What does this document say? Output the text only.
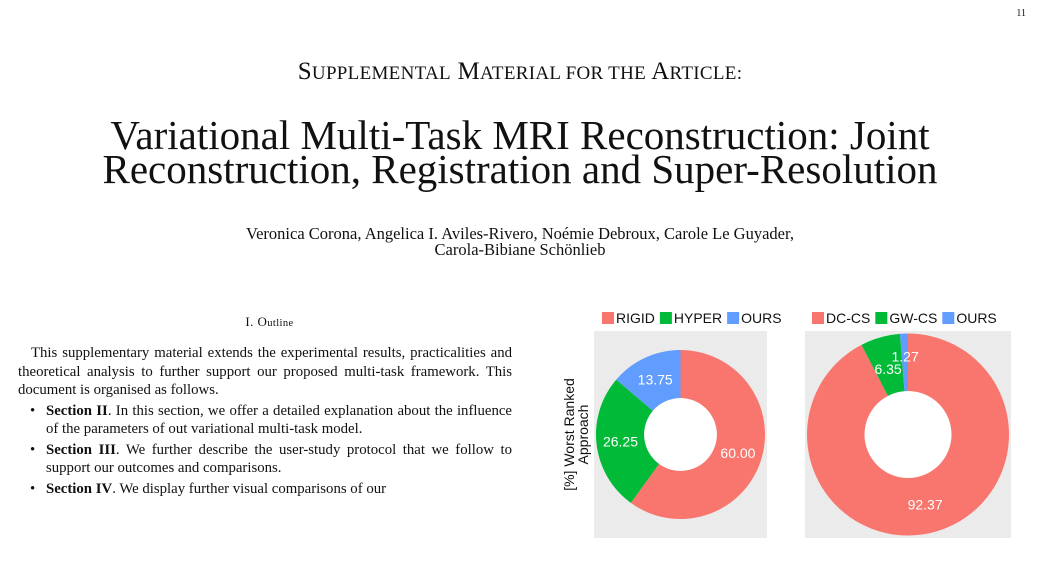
11
SUPPLEMENTAL MATERIAL FOR THE ARTICLE:
Variational Multi-Task MRI Reconstruction: Joint
Reconstruction, Registration and Super-Resolution
Veronica Corona, Angelica I. Aviles-Rivero, Noémie Debroux, Carole Le Guyader,
Carola-Bibiane Schönlieb
I. Outline

This supplementary material extends the experimental results, practicalities and theoretical analysis to further support our proposed multi-task framework. This document is organised as follows.

• Section II. In this section, we offer a detailed explanation about the influence of the parameters of out variational multi-task model.
• Section III. We further describe the user-study protocol that we follow to support our outcomes and comparisons.
• Section IV. We display further visual comparisons of our
RIGID HYPER OURS
[%] Worst Ranked
Approach	60.00
26.25
13.75
DC-CS GW-CS OURS
92.37
6.35
1.27
